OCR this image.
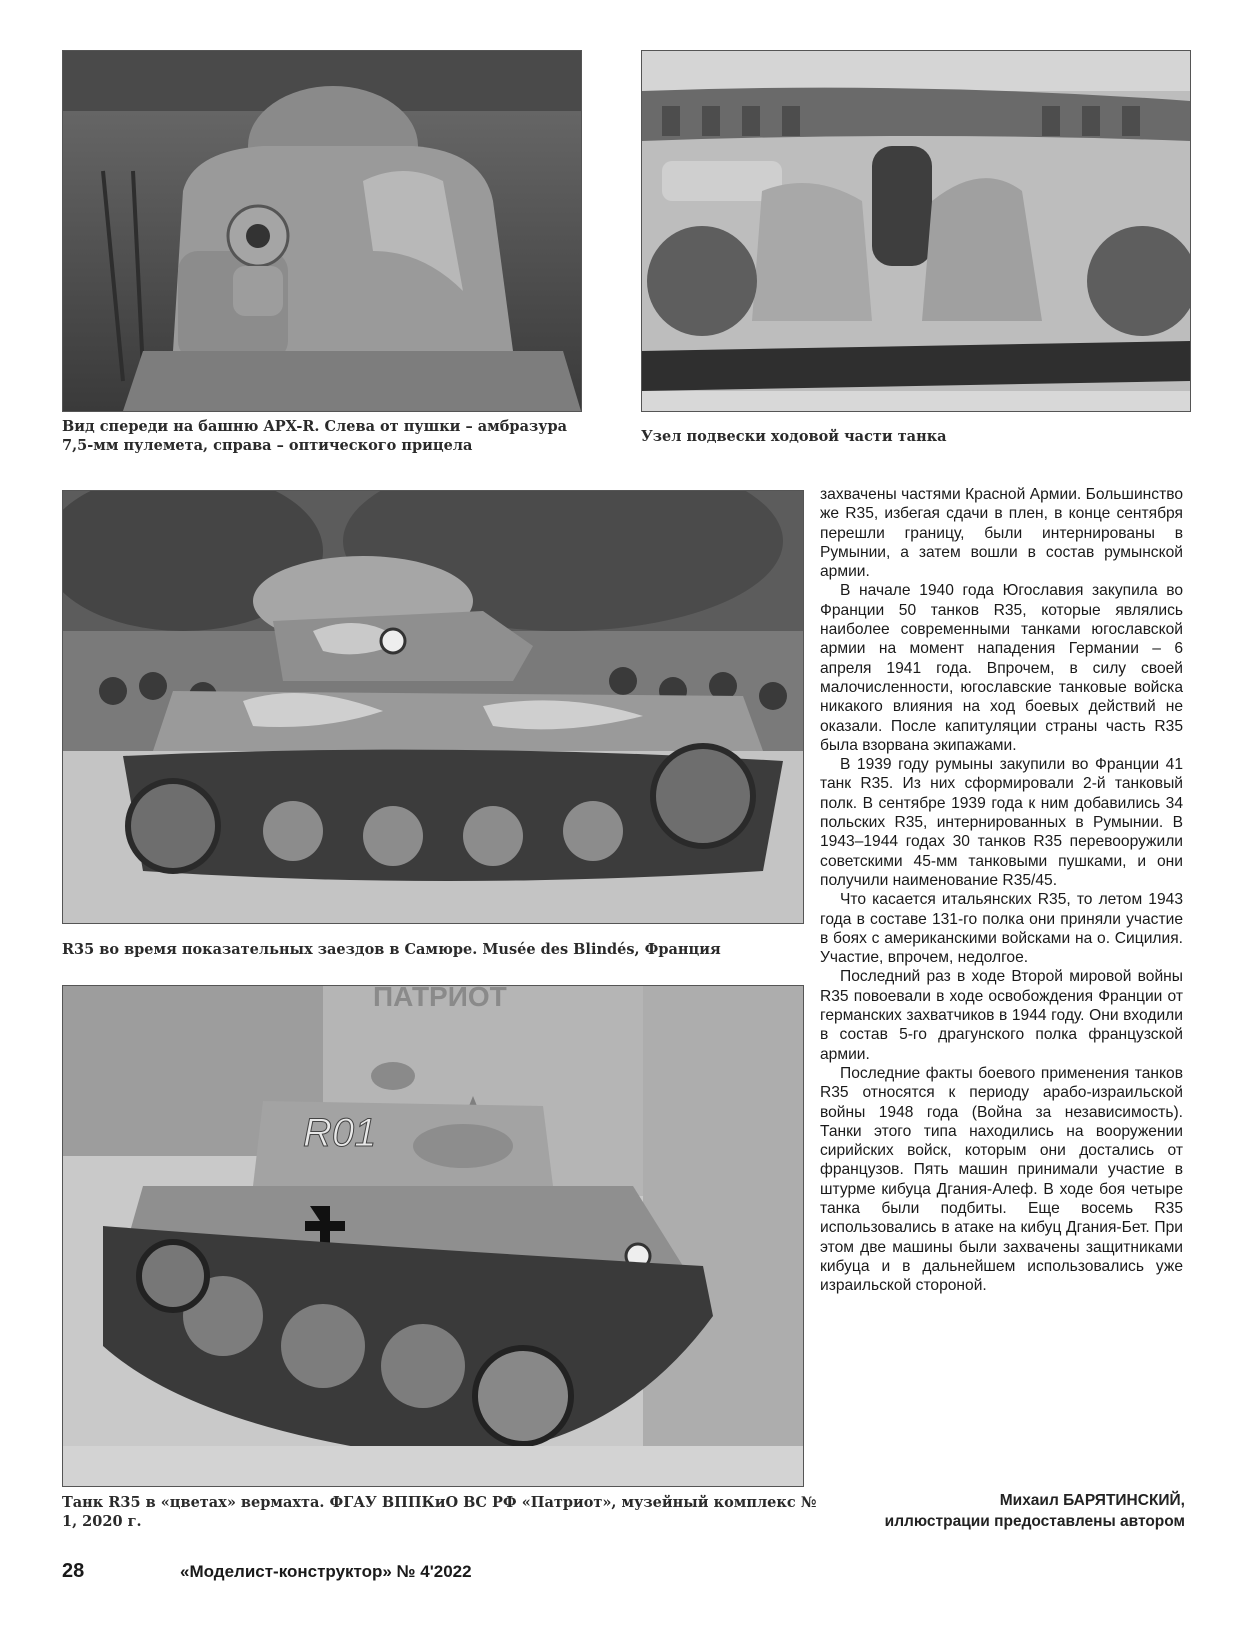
Вид спереди на башню APX-R. Слева от пушки – амбразура 7,5-мм пулемета, справа – оптического прицела
Узел подвески ходовой части танка
R35 во время показательных заездов в Самюре. Musée des Blindés, Франция
ПАТРИОТ
R01
Танк R35 в «цветах» вермахта. ФГАУ ВППКиО ВС РФ «Патриот», музейный комплекс № 1, 2020 г.

захвачены частями Красной Армии. Большинство же R35, избегая сдачи в плен, в конце сентября перешли границу, были интернированы в Румынии, а затем вошли в состав румынской армии.

В начале 1940 года Югославия закупила во Франции 50 танков R35, которые являлись наиболее современными танками югославской армии на момент нападения Германии – 6 апреля 1941 года. Впрочем, в силу своей малочисленности, югославские танковые войска никакого влияния на ход боевых действий не оказали. После капитуляции страны часть R35 была взорвана экипажами.

В 1939 году румыны закупили во Франции 41 танк R35. Из них сформировали 2-й танковый полк. В сентябре 1939 года к ним добавились 34 польских R35, интернированных в Румынии. В 1943–1944 годах 30 танков R35 перевооружили советскими 45-мм танковыми пушками, и они получили наименование R35/45.

Что касается итальянских R35, то летом 1943 года в составе 131-го полка они приняли участие в боях с американскими войсками на о. Сицилия. Участие, впрочем, недолгое.

Последний раз в ходе Второй мировой войны R35 повоевали в ходе освобождения Франции от германских захватчиков в 1944 году. Они входили в состав 5-го драгунского полка французской армии.

Последние факты боевого применения танков R35 относятся к периоду арабо-израильской войны 1948 года (Война за независимость). Танки этого типа находились на вооружении сирийских войск, которым они достались от французов. Пять машин принимали участие в штурме кибуца Дгания-Алеф. В ходе боя четыре танка были подбиты. Еще восемь R35 использовались в атаке на кибуц Дгания-Бет. При этом две машины были захвачены защитниками кибуца и в дальнейшем использовались уже израильской стороной.

Михаил БАРЯТИНСКИЙ,
иллюстрации предоставлены автором
28	«Моделист-конструктор» № 4'2022
